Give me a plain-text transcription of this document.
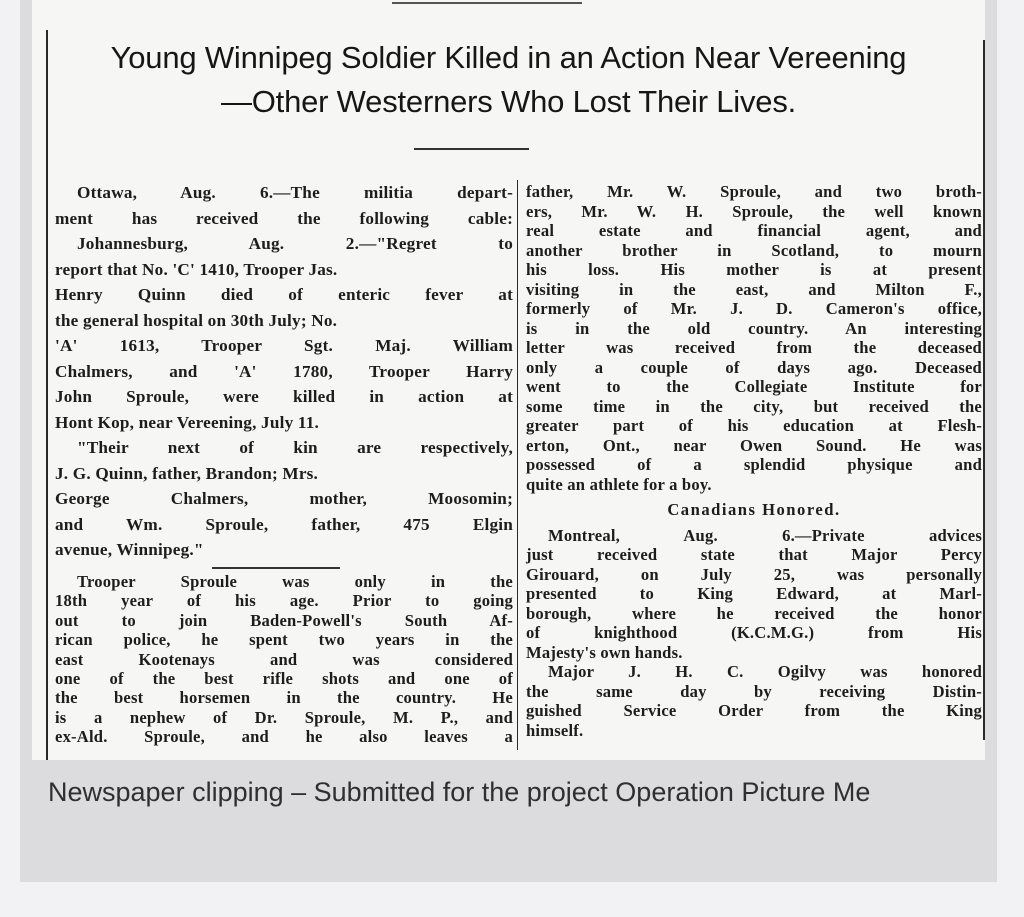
Young Winnipeg Soldier Killed in an Action Near Vereening
—Other Westerners Who Lost Their Lives.
Ottawa, Aug. 6.—The militia depart-
ment has received the following cable:
Johannesburg, Aug. 2.—"Regret to
report that No. 'C' 1410, Trooper Jas.
Henry Quinn died of enteric fever at
the general hospital on 30th July; No.
'A' 1613, Trooper Sgt. Maj. William
Chalmers, and 'A' 1780, Trooper Harry
John Sproule, were killed in action at
Hont Kop, near Vereening, July 11.
"Their next of kin are respectively,
J. G. Quinn, father, Brandon; Mrs.
George Chalmers, mother, Moosomin;
and Wm. Sproule, father, 475 Elgin
avenue, Winnipeg."
Trooper Sproule was only in the
18th year of his age. Prior to going
out to join Baden-Powell's South Af-
rican police, he spent two years in the
east Kootenays and was considered
one of the best rifle shots and one of
the best horsemen in the country. He
is a nephew of Dr. Sproule, M. P., and
ex-Ald. Sproule, and he also leaves a
father, Mr. W. Sproule, and two broth-
ers, Mr. W. H. Sproule, the well known
real estate and financial agent, and
another brother in Scotland, to mourn
his loss. His mother is at present
visiting in the east, and Milton F.,
formerly of Mr. J. D. Cameron's office,
is in the old country. An interesting
letter was received from the deceased
only a couple of days ago. Deceased
went to the Collegiate Institute for
some time in the city, but received the
greater part of his education at Flesh-
erton, Ont., near Owen Sound. He was
possessed of a splendid physique and
quite an athlete for a boy.
Canadians Honored.
Montreal, Aug. 6.—Private advices
just received state that Major Percy
Girouard, on July 25, was personally
presented to King Edward, at Marl-
borough, where he received the honor
of knighthood (K.C.M.G.) from His
Majesty's own hands.
Major J. H. C. Ogilvy was honored
the same day by receiving Distin-
guished Service Order from the King
himself.
Newspaper clipping – Submitted for the project Operation Picture Me
